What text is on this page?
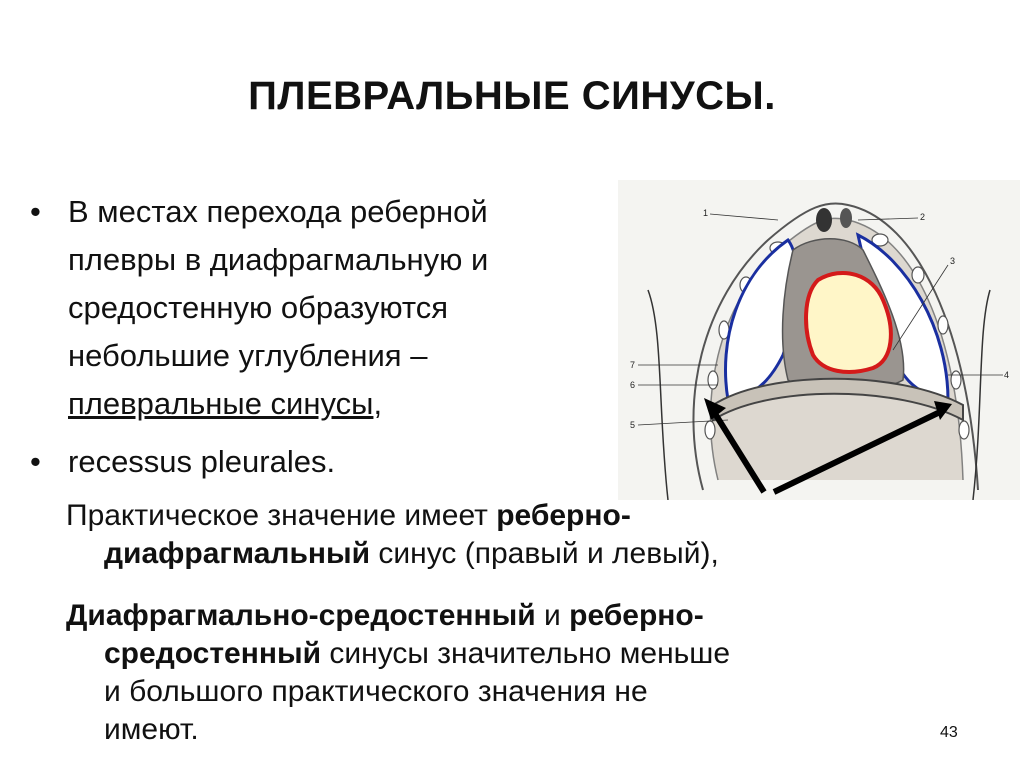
ПЛЕВРАЛЬНЫЕ СИНУСЫ.
• В местах перехода реберной плевры в диафрагмальную и средостенную образуются небольшие углубления –
плевральные синусы,
• recessus pleurales.
1	2
3
4
5
6
7
Практическое значение имеет реберно-
диафрагмальный синус (правый и левый),
Диафрагмально-средостенный и реберно-
средостенный синусы значительно меньше
и большого практического значения не
имеют.	43
